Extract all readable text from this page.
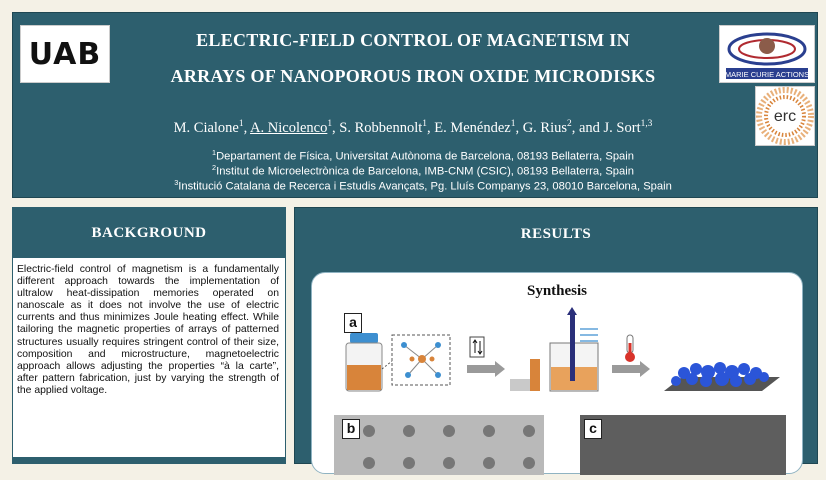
UAB	ELECTRIC-FIELD CONTROL OF MAGNETISM IN
ARRAYS OF NANOPOROUS IRON OXIDE MICRODISKS	MARIE CURIE ACTIONS
erc
M. Cialone$^1$, A. Nicolenco$^1$, S. Robbennolt$^1$, E. Menéndez$^1$, G. Rius$^2$, and J. Sort$^{1,3}$
$^1$Departament de Física, Universitat Autònoma de Barcelona, 08193 Bellaterra, Spain
$^2$Institut de Microelectrònica de Barcelona, IMB-CNM (CSIC), 08193 Bellaterra, Spain
$^3$Institució Catalana de Recerca i Estudis Avançats, Pg. Lluís Companys 23, 08010 Barcelona, Spain
BACKGROUND
Electric-field control of magnetism is a fundamentally different approach towards the implementation of ultralow heat-dissipation memories operated on nanoscale as it does not involve the use of electric currents and thus minimizes Joule heating effect. While tailoring the magnetic properties of arrays of patterned structures usually requires stringent control of their size, composition and microstructure, magnetoelectric approach allows adjusting the properties “à la carte”, after pattern fabrication, just by varying the strength of the applied voltage.
RESULTS
Synthesis
a
b	c
